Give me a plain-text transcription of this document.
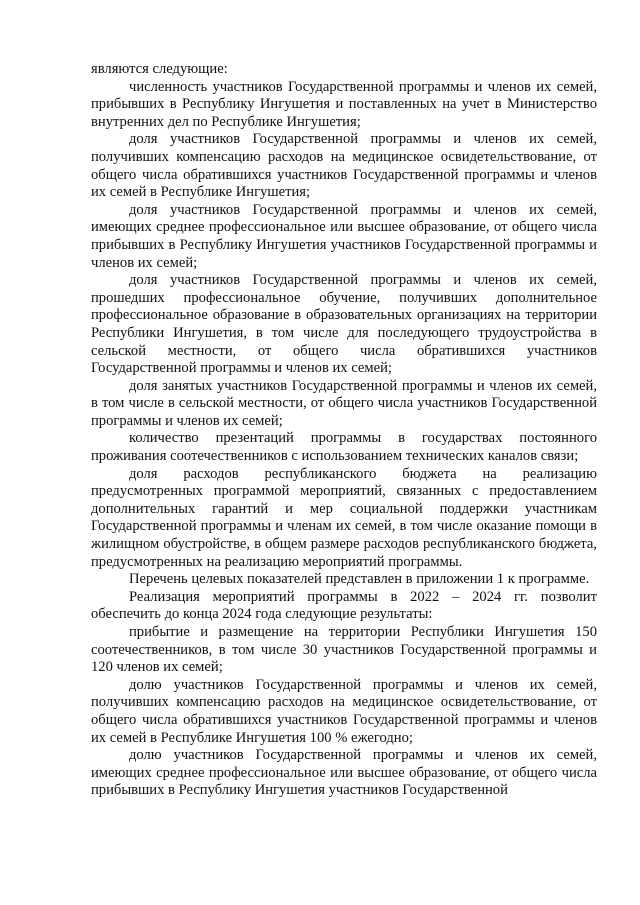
являются следующие:

численность участников Государственной программы и членов их семей, прибывших в Республику Ингушетия и поставленных на учет в Министерство внутренних дел по Республике Ингушетия;

доля участников Государственной программы и членов их семей, получивших компенсацию расходов на медицинское освидетельствование, от общего числа обратившихся участников Государственной программы и членов их семей в Республике Ингушетия;

доля участников Государственной программы и членов их семей, имеющих среднее профессиональное или высшее образование, от общего числа прибывших в Республику Ингушетия участников Государственной программы и членов их семей;

доля участников Государственной программы и членов их семей, прошедших профессиональное обучение, получивших дополнительное профессиональное образование в образовательных организациях на территории Республики Ингушетия, в том числе для последующего трудоустройства в сельской местности, от общего числа обратившихся участников Государственной программы и членов их семей;

доля занятых участников Государственной программы и членов их семей, в том числе в сельской местности, от общего числа участников Государственной программы и членов их семей;

количество презентаций программы в государствах постоянного проживания соотечественников с использованием технических каналов связи;

доля расходов республиканского бюджета на реализацию предусмотренных программой мероприятий, связанных с предоставлением дополнительных гарантий и мер социальной поддержки участникам Государственной программы и членам их семей, в том числе оказание помощи в жилищном обустройстве, в общем размере расходов республиканского бюджета, предусмотренных на реализацию мероприятий программы.

Перечень целевых показателей представлен в приложении 1 к программе.

Реализация мероприятий программы в 2022 – 2024 гг. позволит обеспечить до конца 2024 года следующие результаты:

прибытие и размещение на территории Республики Ингушетия 150 соотечественников, в том числе 30 участников Государственной программы и 120 членов их семей;

долю участников Государственной программы и членов их семей, получивших компенсацию расходов на медицинское освидетельствование, от общего числа обратившихся участников Государственной программы и членов их семей в Республике Ингушетия 100 % ежегодно;

долю участников Государственной программы и членов их семей, имеющих среднее профессиональное или высшее образование, от общего числа прибывших в Республику Ингушетия участников Государственной
